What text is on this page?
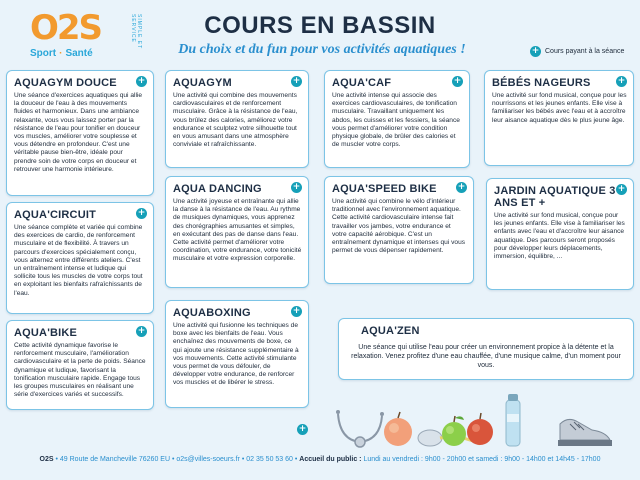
O2S	SIMPLE ET SERVICE
Sport · Santé
COURS EN BASSIN
Du choix et du fun pour vos activités aquatiques !	+ Cours payant à la séance
AQUAGYM DOUCE	+

Une séance d'exercices aquatiques qui allie la douceur de l'eau à des mouvements fluides et harmonieux. Dans une ambiance relaxante, vous vous laissez porter par la résistance de l'eau pour tonifier en douceur vos muscles, améliorer votre souplesse et vous détendre en profondeur. C'est une véritable pause bien-être, idéale pour prendre soin de votre corps en douceur et retrouver une harmonie intérieure.

AQUA'CIRCUIT	+

Une séance complète et variée qui combine des exercices de cardio, de renforcement musculaire et de flexibilité. À travers un parcours d'exercices spécialement conçu, vous alternez entre différents ateliers. C'est un entraînement intense et ludique qui sollicite tous les muscles de votre corps tout en exploitant les bienfaits rafraîchissants de l'eau.

AQUA'BIKE	+

Cette activité dynamique favorise le renforcement musculaire, l'amélioration cardiovasculaire et la perte de poids. Séance dynamique et ludique, favorisant la tonification musculaire rapide. Engage tous les groupes musculaires en réalisant une série d'exercices variés et successifs.

AQUAGYM	+

Une activité qui combine des mouvements cardiovasculaires et de renforcement musculaire. Grâce à la résistance de l'eau, vous brûlez des calories, améliorez votre endurance et sculptez votre silhouette tout en vous amusant dans une atmosphère conviviale et rafraîchissante.

AQUA DANCING	+

Une activité joyeuse et entraînante qui allie la danse à la résistance de l'eau. Au rythme de musiques dynamiques, vous apprenez des chorégraphies amusantes et simples, en exécutant des pas de danse dans l'eau. Cette activité permet d'améliorer votre coordination, votre endurance, votre tonicité musculaire et votre expression corporelle.

AQUABOXING	+

Une activité qui fusionne les techniques de boxe avec les bienfaits de l'eau. Vous enchaînez des mouvements de boxe, ce qui ajoute une résistance supplémentaire à vos mouvements. Cette activité stimulante vous permet de vous défouler, de développer votre endurance, de renforcer vos muscles et de libérer le stress.

AQUA'CAF	+

Une activité intense qui associe des exercices cardiovasculaires, de tonification musculaire. Travaillant uniquement les abdos, les cuisses et les fessiers, la séance vous permet d'améliorer votre condition physique globale, de brûler des calories et de muscler votre corps.

AQUA'SPEED BIKE	+

Une activité qui combine le vélo d'intérieur traditionnel avec l'environnement aquatique. Cette activité cardiovasculaire intense fait travailler vos jambes, votre endurance et votre capacité aérobique. C'est un entraînement dynamique et intenses qui vous permet de vous dépenser rapidement.

BÉBÉS NAGEURS	+

Une activité sur fond musical, conçue pour les nourrissons et les jeunes enfants. Elle vise à familiariser les bébés avec l'eau et à accroître leur aisance aquatique dès le plus jeune âge.

JARDIN AQUATIQUE 3 ANS ET +
+

Une activité sur fond musical, conçue pour les jeunes enfants. Elle vise à familiariser les enfants avec l'eau et d'accroître leur aisance aquatique. Des parcours seront proposés pour développer leurs déplacements, immersion, équilibre, ...

AQUA'ZEN

Une séance qui utilise l'eau pour créer un environnement propice à la détente et la relaxation. Venez profitez d'une eau chauffée, d'une musique calme, d'un moment pour vous.

+
O2S • 49 Route de Mancheville 76260 EU • o2s@villes-soeurs.fr • 02 35 50 53 60 • Accueil du public : Lundi au vendredi : 9h00 - 20h00 et samedi : 9h00 - 14h00 et 14h45 - 17h00
